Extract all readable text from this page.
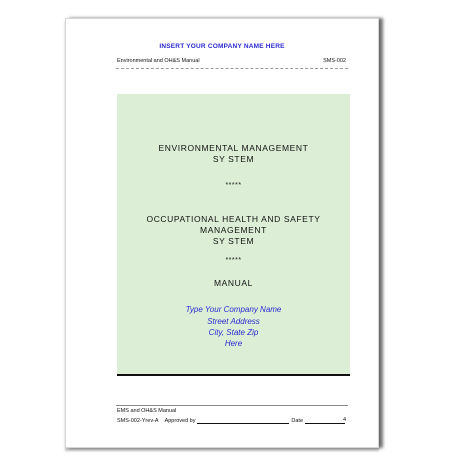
INSERT YOUR COMPANY NAME HERE
Environmental and OH&S Manual	SMS-002
ENVIRONMENTAL MANAGEMENT
SY STEM
*****
OCCUPATIONAL HEALTH AND SAFETY
MANAGEMENT
SY STEM
*****
MANUAL
Type Your Company Name
Street Address
City, State Zip
Here
EMS and OH&S Manual
SMS-002-Yrev-A Approved by	Date	4
